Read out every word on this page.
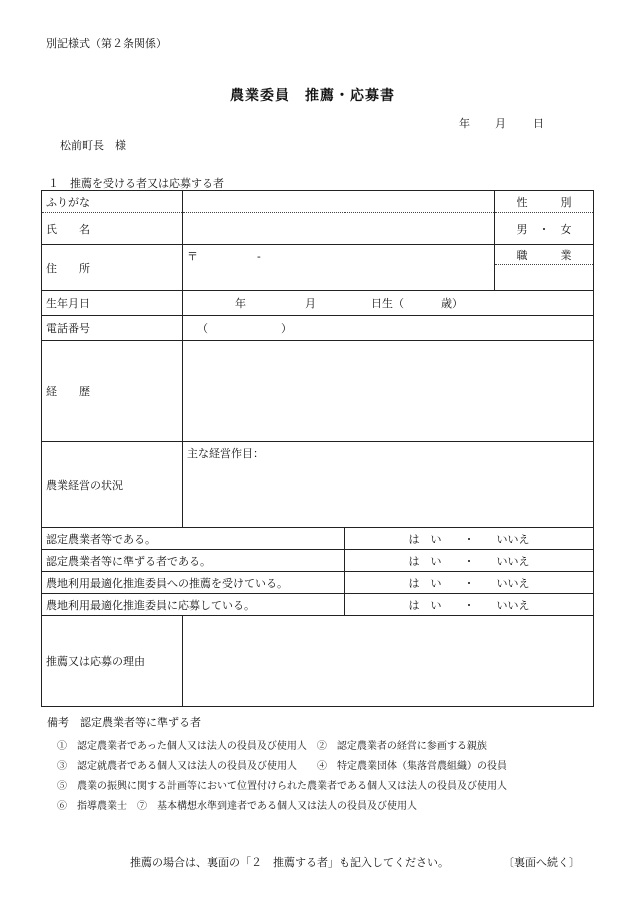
別記様式（第２条関係）
農業委員　推薦・応募書
年 月 日
松前町長　様
１　推薦を受ける者又は応募する者
ふりがな			性　　　別
氏　　名			男　・　女
住　　所	〒 -		職　　　業

生年月日	年 月 日生（ 歳）		
電話番号	（ ）		
経　　歴			
農業経営の状況	主な経営作目：		
認定農業者等である。		は　い　　・　　いいえ	
認定農業者等に準ずる者である。		は　い　　・　　いいえ	
農地利用最適化推進委員への推薦を受けている。		は　い　　・　　いいえ	
農地利用最適化推進委員に応募している。		は　い　　・　　いいえ	
推薦又は応募の理由			
備考　認定農業者等に準ずる者
①　認定農業者であった個人又は法人の役員及び使用人　②　認定農業者の経営に参画する親族
③　認定就農者である個人又は法人の役員及び使用人　　④　特定農業団体（集落営農組織）の役員
⑤　農業の振興に関する計画等において位置付けられた農業者である個人又は法人の役員及び使用人
⑥　指導農業士　⑦　基本構想水準到達者である個人又は法人の役員及び使用人
推薦の場合は、裏面の「２　推薦する者」も記入してください。	〔裏面へ続く〕
